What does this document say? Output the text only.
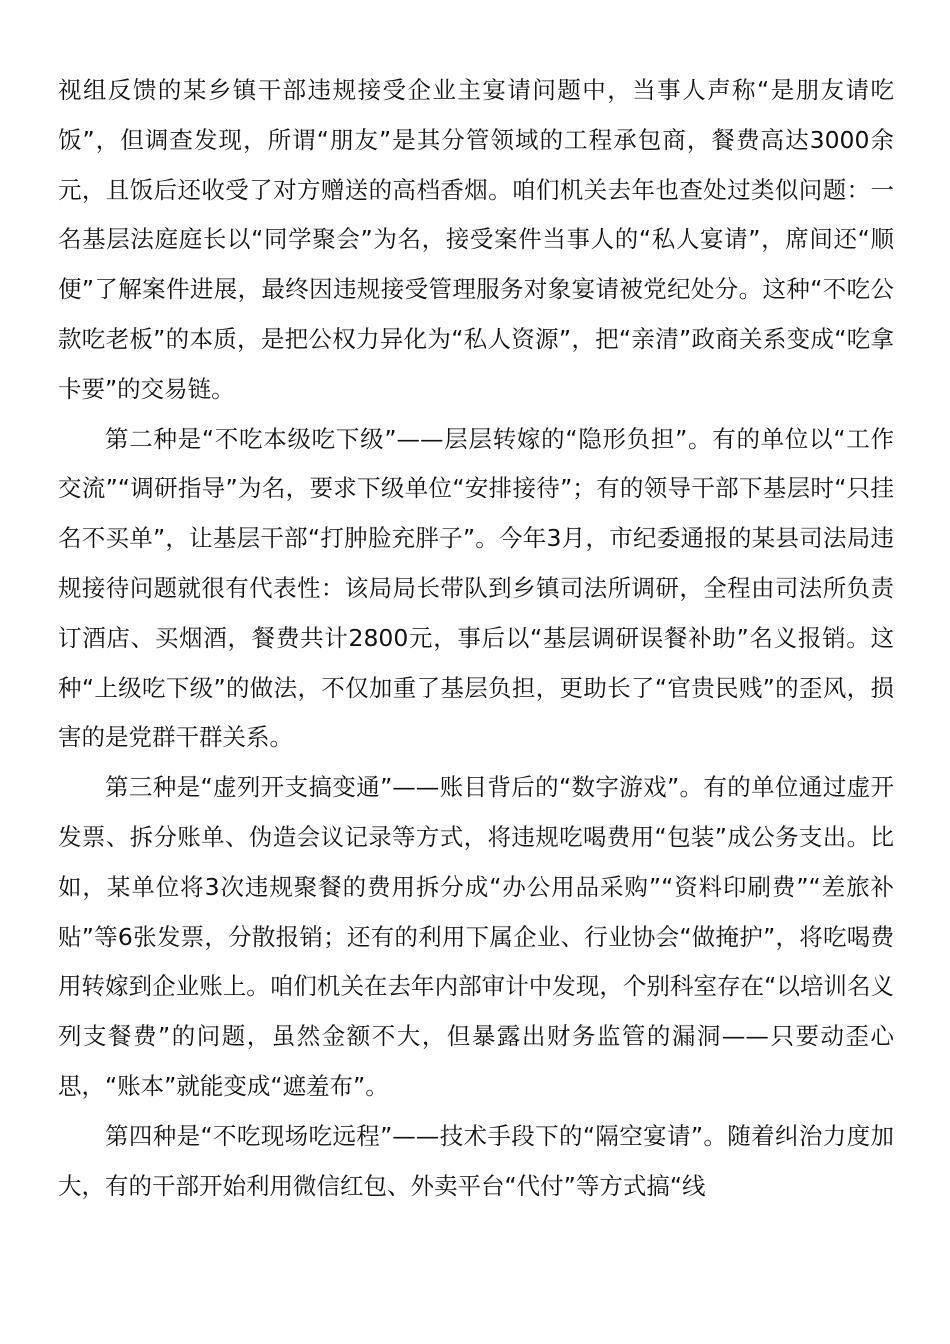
视组反馈的某乡镇干部违规接受企业主宴请问题中，当事人声称“是朋友请吃饭”，但调查发现，所谓“朋友”是其分管领域的工程承包商，餐费高达3000余元，且饭后还收受了对方赠送的高档香烟。咱们机关去年也查处过类似问题：一名基层法庭庭长以“同学聚会”为名，接受案件当事人的“私人宴请”，席间还“顺便”了解案件进展，最终因违规接受管理服务对象宴请被党纪处分。这种“不吃公款吃老板”的本质，是把公权力异化为“私人资源”，把“亲清”政商关系变成“吃拿卡要”的交易链。

第二种是“不吃本级吃下级”——层层转嫁的“隐形负担”。有的单位以“工作交流”“调研指导”为名，要求下级单位“安排接待”；有的领导干部下基层时“只挂名不买单”，让基层干部“打肿脸充胖子”。今年3月，市纪委通报的某县司法局违规接待问题就很有代表性：该局局长带队到乡镇司法所调研，全程由司法所负责订酒店、买烟酒，餐费共计2800元，事后以“基层调研误餐补助”名义报销。这种“上级吃下级”的做法，不仅加重了基层负担，更助长了“官贵民贱”的歪风，损害的是党群干群关系。

第三种是“虚列开支搞变通”——账目背后的“数字游戏”。有的单位通过虚开发票、拆分账单、伪造会议记录等方式，将违规吃喝费用“包装”成公务支出。比如，某单位将3次违规聚餐的费用拆分成“办公用品采购”“资料印刷费”“差旅补贴”等6张发票，分散报销；还有的利用下属企业、行业协会“做掩护”，将吃喝费用转嫁到企业账上。咱们机关在去年内部审计中发现，个别科室存在“以培训名义列支餐费”的问题，虽然金额不大，但暴露出财务监管的漏洞——只要动歪心思，“账本”就能变成“遮羞布”。

第四种是“不吃现场吃远程”——技术手段下的“隔空宴请”。随着纠治力度加大，有的干部开始利用微信红包、外卖平台“代付”等方式搞“线
